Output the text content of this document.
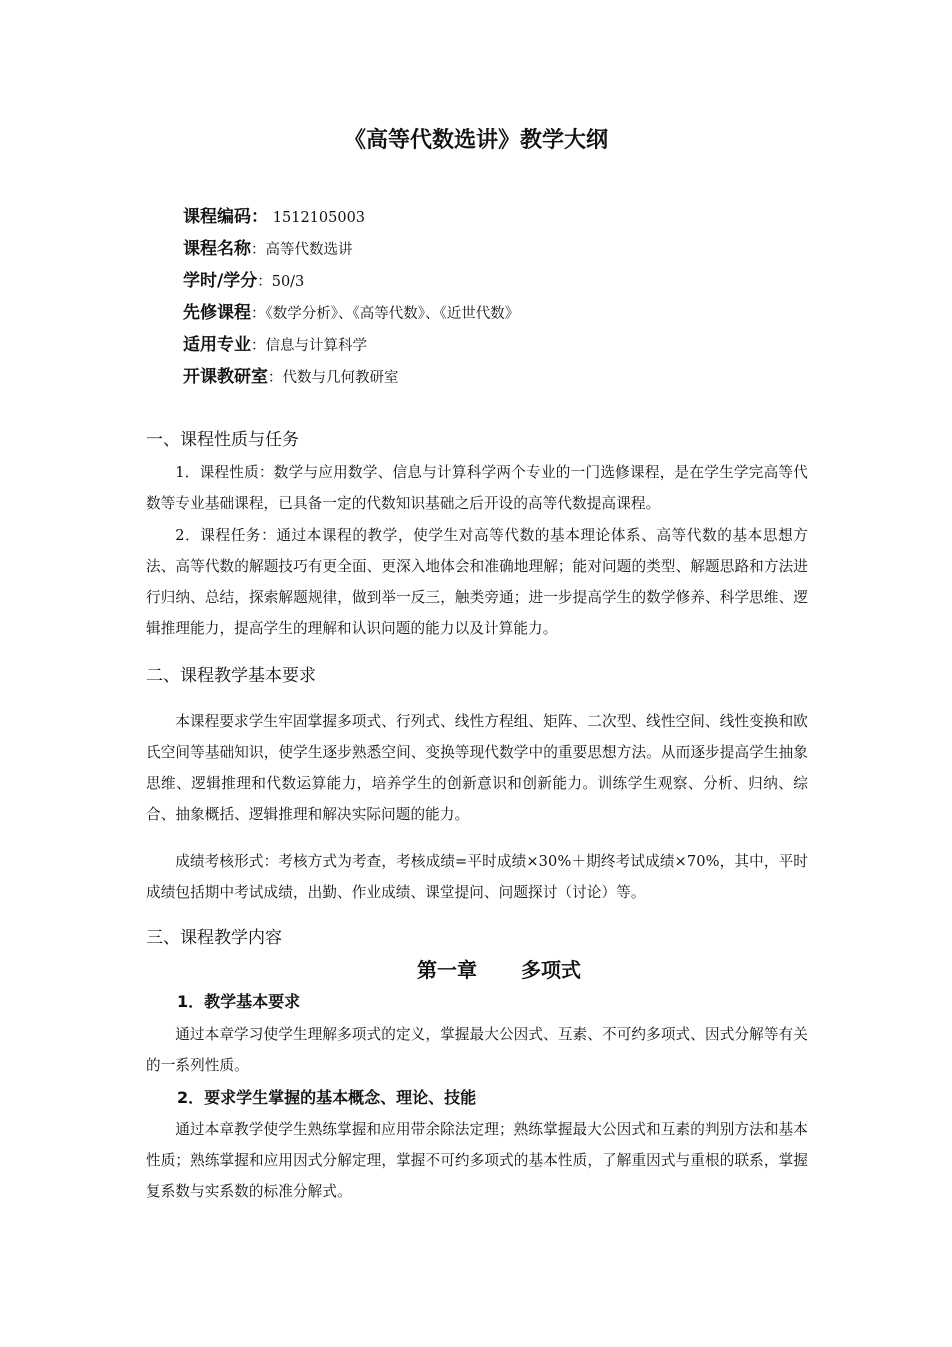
《高等代数选讲》教学大纲
课程编码： 1512105003
课程名称：高等代数选讲
学时/学分：50/3
先修课程：《数学分析》、《高等代数》、《近世代数》
适用专业：信息与计算科学
开课教研室：代数与几何教研室
一、课程性质与任务

1．课程性质：数学与应用数学、信息与计算科学两个专业的一门选修课程，是在学生学完高等代数等专业基础课程，已具备一定的代数知识基础之后开设的高等代数提高课程。

2．课程任务：通过本课程的教学，使学生对高等代数的基本理论体系、高等代数的基本思想方法、高等代数的解题技巧有更全面、更深入地体会和准确地理解；能对问题的类型、解题思路和方法进行归纳、总结，探索解题规律，做到举一反三，触类旁通；进一步提高学生的数学修养、科学思维、逻辑推理能力，提高学生的理解和认识问题的能力以及计算能力。

二、课程教学基本要求

本课程要求学生牢固掌握多项式、行列式、线性方程组、矩阵、二次型、线性空间、线性变换和欧氏空间等基础知识，使学生逐步熟悉空间、变换等现代数学中的重要思想方法。从而逐步提高学生抽象思维、逻辑推理和代数运算能力，培养学生的创新意识和创新能力。训练学生观察、分析、归纳、综合、抽象概括、逻辑推理和解决实际问题的能力。

成绩考核形式：考核方式为考查，考核成绩=平时成绩×30%＋期终考试成绩×70%，其中，平时成绩包括期中考试成绩，出勤、作业成绩、课堂提问、问题探讨（讨论）等。

三、课程教学内容
第一章 多项式
1．教学基本要求

通过本章学习使学生理解多项式的定义，掌握最大公因式、互素、不可约多项式、因式分解等有关的一系列性质。

2．要求学生掌握的基本概念、理论、技能

通过本章教学使学生熟练掌握和应用带余除法定理；熟练掌握最大公因式和互素的判别方法和基本性质；熟练掌握和应用因式分解定理，掌握不可约多项式的基本性质，了解重因式与重根的联系，掌握复系数与实系数的标准分解式。
